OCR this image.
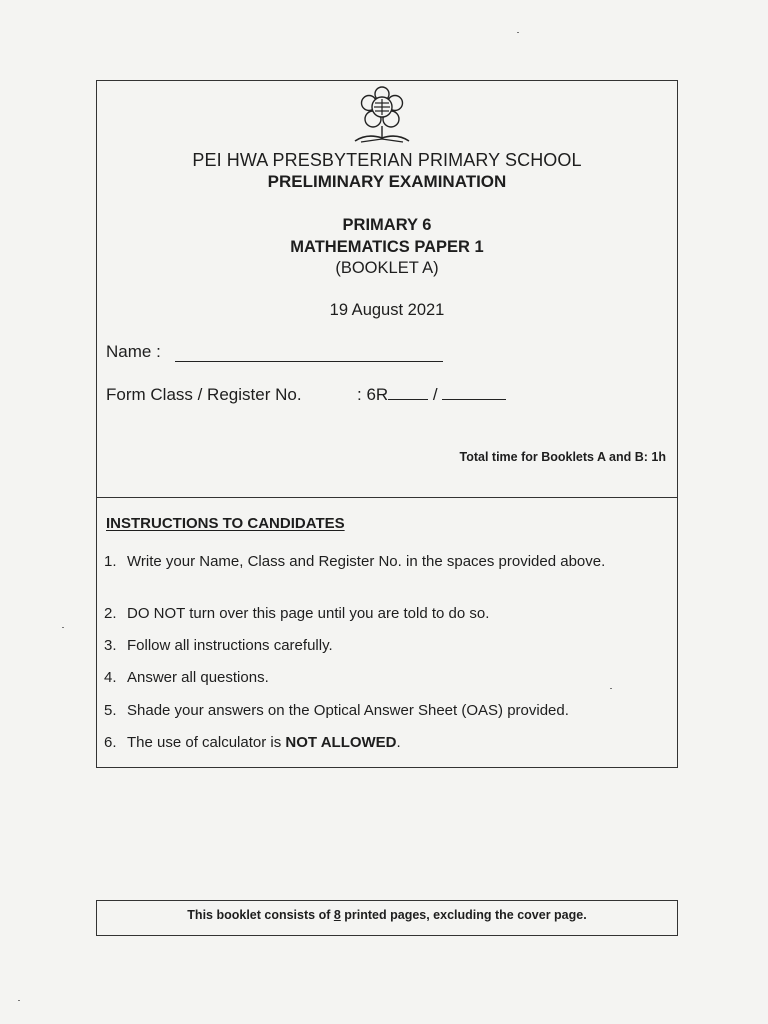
PEI HWA PRESBYTERIAN PRIMARY SCHOOL
PRELIMINARY EXAMINATION
PRIMARY 6
MATHEMATICS PAPER 1
(BOOKLET A)
19 August 2021
Name :
Form Class / Register No.	: 6R	/
Total time for Booklets A and B: 1h
INSTRUCTIONS TO CANDIDATES
1. Write your Name, Class and Register No. in the spaces provided above.
2. DO NOT turn over this page until you are told to do so.
3. Follow all instructions carefully.
4. Answer all questions.
5. Shade your answers on the Optical Answer Sheet (OAS) provided.
6. The use of calculator is NOT ALLOWED.
This booklet consists of 8 printed pages, excluding the cover page.
